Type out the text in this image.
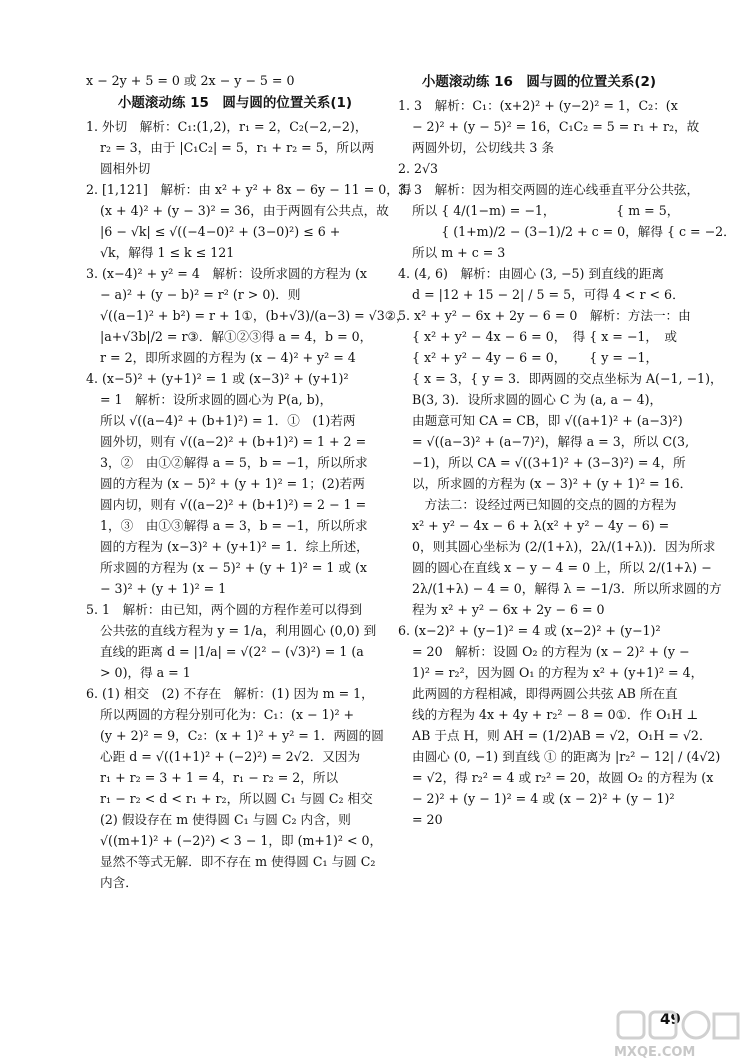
x − 2y + 5 = 0 或 2x − y − 5 = 0
小题滚动练 15　圆与圆的位置关系(1)
1. 外切　解析：C₁:(1,2)，r₁ = 2，C₂(−2,−2)，
r₂ = 3，由于 |C₁C₂| = 5，r₁ + r₂ = 5，所以两
圆相外切
2. [1,121]　解析：由 x² + y² + 8x − 6y − 11 = 0，得
(x + 4)² + (y − 3)² = 36，由于两圆有公共点，故
|6 − √k| ≤ √((−4−0)² + (3−0)²) ≤ 6 +
√k，解得 1 ≤ k ≤ 121
3. (x−4)² + y² = 4　解析：设所求圆的方程为 (x
− a)² + (y − b)² = r² (r > 0)．则
√((a−1)² + b²) = r + 1①，(b+√3)/(a−3) = √3②，
|a+√3b|/2 = r③．解①②③得 a = 4，b = 0，
r = 2，即所求圆的方程为 (x − 4)² + y² = 4
4. (x−5)² + (y+1)² = 1 或 (x−3)² + (y+1)²
= 1　解析：设所求圆的圆心为 P(a, b)，
所以 √((a−4)² + (b+1)²) = 1．①　(1)若两
圆外切，则有 √((a−2)² + (b+1)²) = 1 + 2 =
3，②　由①②解得 a = 5，b = −1，所以所求
圆的方程为 (x − 5)² + (y + 1)² = 1；(2)若两
圆内切，则有 √((a−2)² + (b+1)²) = 2 − 1 =
1，③　由①③解得 a = 3，b = −1，所以所求
圆的方程为 (x−3)² + (y+1)² = 1．综上所述，
所求圆的方程为 (x − 5)² + (y + 1)² = 1 或 (x
− 3)² + (y + 1)² = 1
5. 1　解析：由已知，两个圆的方程作差可以得到
公共弦的直线方程为 y = 1/a，利用圆心 (0,0) 到
直线的距离 d = |1/a| = √(2² − (√3)²) = 1 (a
> 0)，得 a = 1
6. (1) 相交　(2) 不存在　解析：(1) 因为 m = 1，
所以两圆的方程分别可化为：C₁：(x − 1)² +
(y + 2)² = 9，C₂：(x + 1)² + y² = 1．两圆的圆
心距 d = √((1+1)² + (−2)²) = 2√2．又因为
r₁ + r₂ = 3 + 1 = 4，r₁ − r₂ = 2，所以
r₁ − r₂ < d < r₁ + r₂，所以圆 C₁ 与圆 C₂ 相交
(2) 假设存在 m 使得圆 C₁ 与圆 C₂ 内含，则
√((m+1)² + (−2)²) < 3 − 1，即 (m+1)² < 0，
显然不等式无解．即不存在 m 使得圆 C₁ 与圆 C₂
内含．
小题滚动练 16　圆与圆的位置关系(2)
1. 3　解析：C₁：(x+2)² + (y−2)² = 1，C₂：(x
− 2)² + (y − 5)² = 16，C₁C₂ = 5 = r₁ + r₂，故
两圆外切，公切线共 3 条
2. 2√3
3. 3　解析：因为相交两圆的连心线垂直平分公共弦，
所以 { 4/(1−m) = −1，　　　　　 { m = 5，
　　 { (1+m)/2 − (3−1)/2 + c = 0，解得 { c = −2．
所以 m + c = 3
4. (4, 6)　解析：由圆心 (3, −5) 到直线的距离
d = |12 + 15 − 2| / 5 = 5，可得 4 < r < 6．
5. x² + y² − 6x + 2y − 6 = 0　解析：方法一：由
{ x² + y² − 4x − 6 = 0，　得 { x = −1，　或
{ x² + y² − 4y − 6 = 0，　　 { y = −1，
{ x = 3，{ y = 3．即两圆的交点坐标为 A(−1, −1)，
B(3, 3)．设所求圆的圆心 C 为 (a, a − 4)，
由题意可知 CA = CB，即 √((a+1)² + (a−3)²)
= √((a−3)² + (a−7)²)，解得 a = 3，所以 C(3,
−1)，所以 CA = √((3+1)² + (3−3)²) = 4，所
以，所求圆的方程为 (x − 3)² + (y + 1)² = 16．
　方法二：设经过两已知圆的交点的圆的方程为
x² + y² − 4x − 6 + λ(x² + y² − 4y − 6) =
0，则其圆心坐标为 (2/(1+λ)，2λ/(1+λ))．因为所求
圆的圆心在直线 x − y − 4 = 0 上，所以 2/(1+λ) −
2λ/(1+λ) − 4 = 0，解得 λ = −1/3．所以所求圆的方
程为 x² + y² − 6x + 2y − 6 = 0
6. (x−2)² + (y−1)² = 4 或 (x−2)² + (y−1)²
= 20　解析：设圆 O₂ 的方程为 (x − 2)² + (y −
1)² = r₂²，因为圆 O₁ 的方程为 x² + (y+1)² = 4，
此两圆的方程相减，即得两圆公共弦 AB 所在直
线的方程为 4x + 4y + r₂² − 8 = 0①．作 O₁H ⊥
AB 于点 H，则 AH = (1/2)AB = √2，O₁H = √2．
由圆心 (0, −1) 到直线 ① 的距离为 |r₂² − 12| / (4√2)
= √2，得 r₂² = 4 或 r₂² = 20，故圆 O₂ 的方程为 (x
− 2)² + (y − 1)² = 4 或 (x − 2)² + (y − 1)²
= 20
49
MXQE.COM
